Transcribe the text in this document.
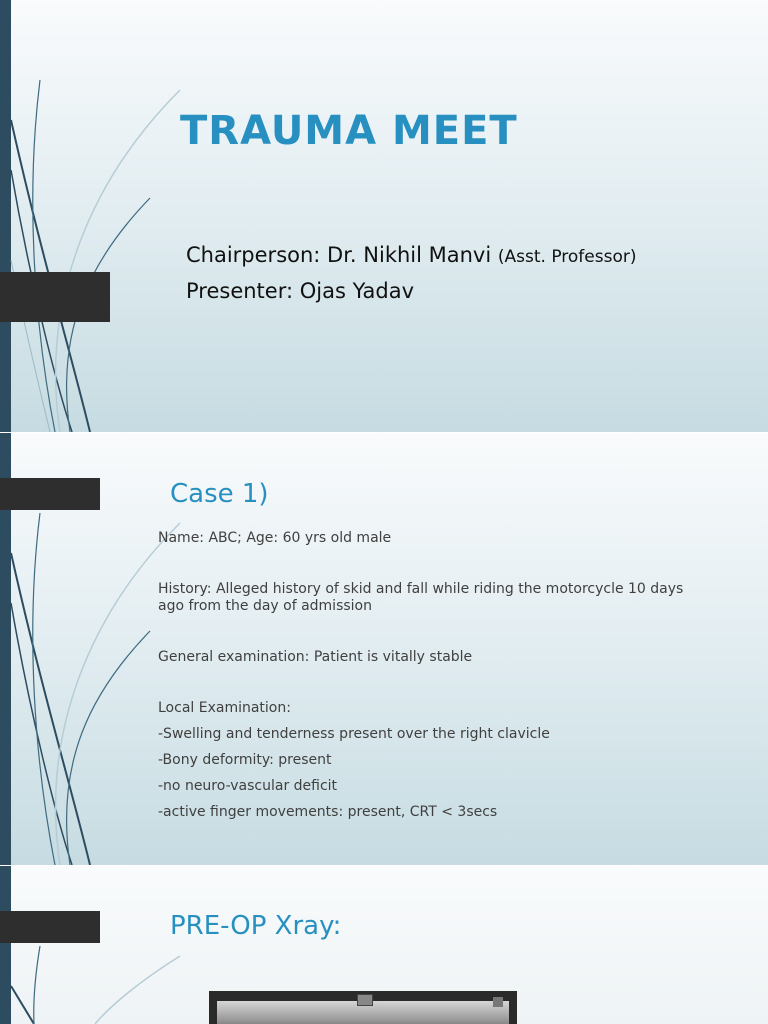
TRAUMA MEET
Chairperson: Dr. Nikhil Manvi (Asst. Professor)
Presenter: Ojas Yadav
Case 1)

Name: ABC; Age: 60 yrs old male

History: Alleged history of skid and fall while riding the motorcycle 10 days

ago from the day of admission

General examination: Patient is vitally stable

Local Examination:

-Swelling and tenderness present over the right clavicle

-Bony deformity: present

-no neuro-vascular deficit

-active finger movements: present, CRT < 3secs

PRE-OP Xray:
